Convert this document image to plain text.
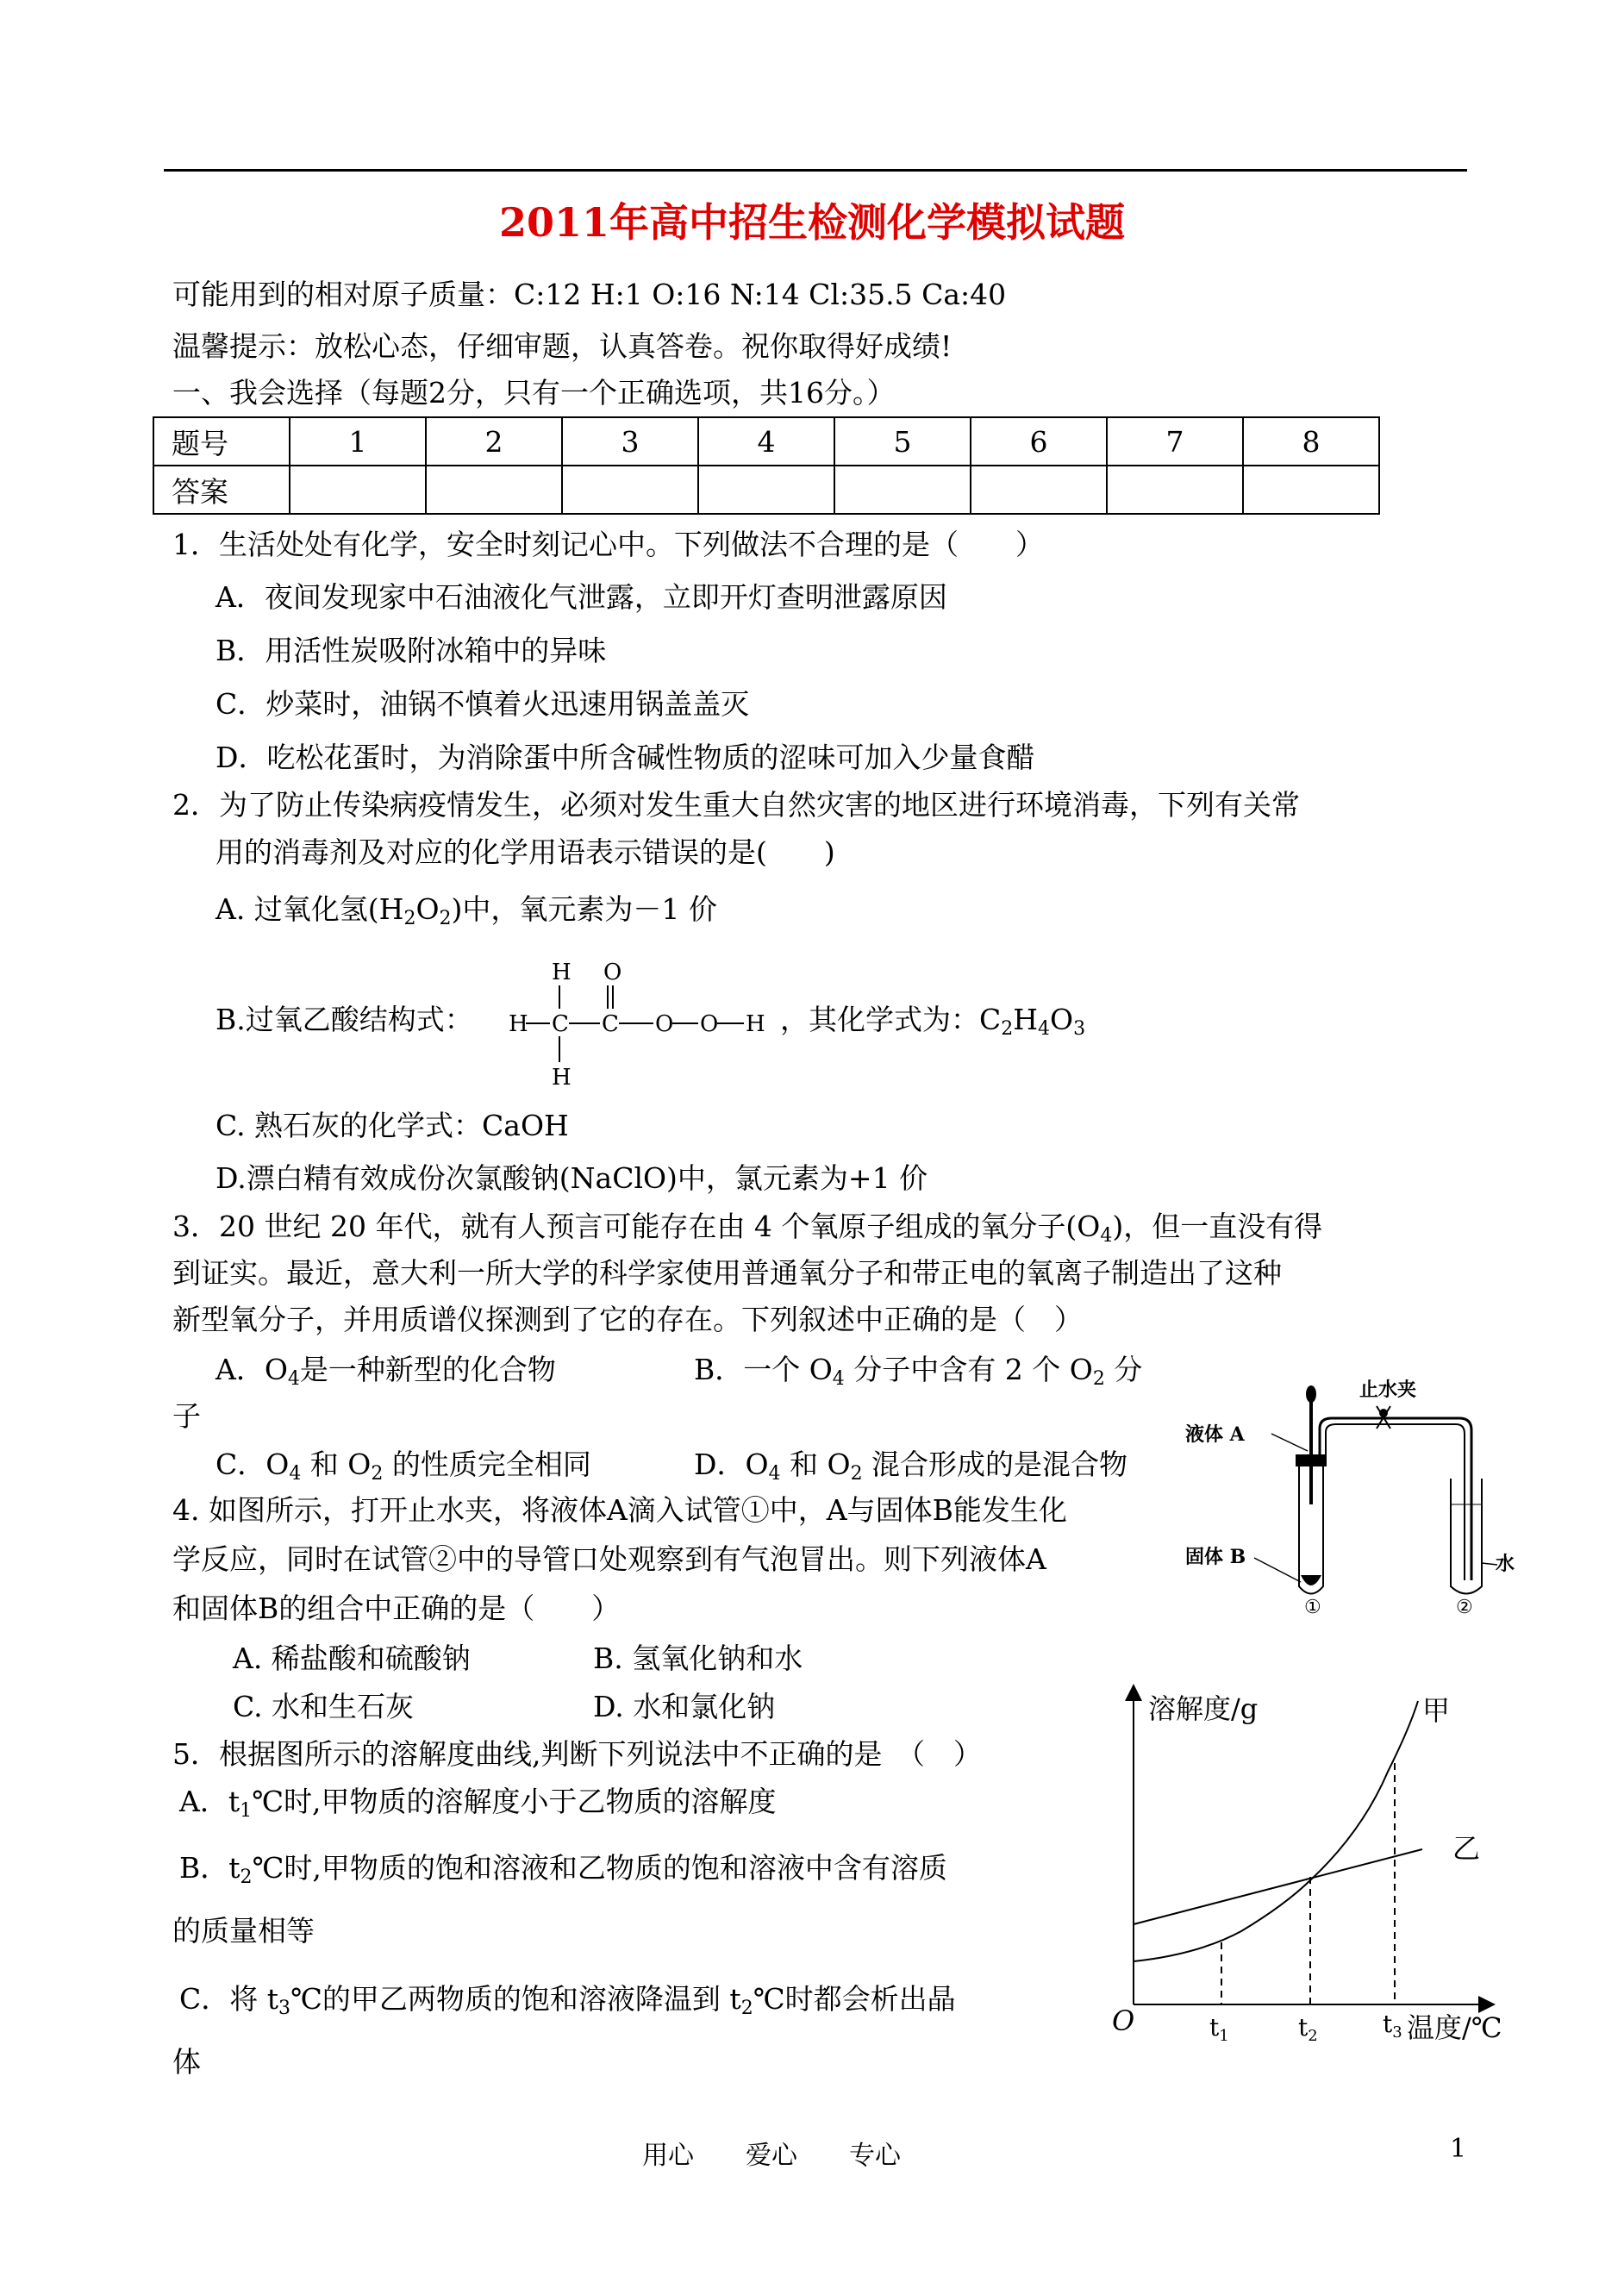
2011年高中招生检测化学模拟试题
可能用到的相对原子质量：C:12 H:1 O:16 N:14 Cl:35.5 Ca:40
温馨提示：放松心态，仔细审题，认真答卷。祝你取得好成绩!
一、我会选择（每题2分，只有一个正确选项，共16分。）
题号	1	2	3	4	5	6	7	8
答案								
1．生活处处有化学，安全时刻记心中。下列做法不合理的是（　　）
A．夜间发现家中石油液化气泄露，立即开灯查明泄露原因
B．用活性炭吸附冰箱中的异味
C．炒菜时，油锅不慎着火迅速用锅盖盖灭
D．吃松花蛋时，为消除蛋中所含碱性物质的涩味可加入少量食醋
2．为了防止传染病疫情发生，必须对发生重大自然灾害的地区进行环境消毒，下列有关常
用的消毒剂及对应的化学用语表示错误的是(　　)
A. 过氧化氢$(H_2O_2)$中，氧元素为－1 价
B.过氧乙酸结构式：
H O
H C C O O H
H
，其化学式为：$C_2H_4O_3$
C. 熟石灰的化学式：CaOH
D.漂白精有效成份次氯酸钠(NaClO)中，氯元素为+1 价
3．20 世纪 20 年代，就有人预言可能存在由 4 个氧原子组成的氧分子$(O_4)$，但一直没有得
到证实。最近，意大利一所大学的科学家使用普通氧分子和带正电的氧离子制造出了这种
新型氧分子，并用质谱仪探测到了它的存在。下列叙述中正确的是（　）
A．$O_4$是一种新型的化合物	B．一个 $O_4$ 分子中含有 2 个 $O_2$ 分
子
C．$O_4$ 和 $O_2$ 的性质完全相同	D．$O_4$ 和 $O_2$ 混合形成的是混合物
4. 如图所示，打开止水夹，将液体A滴入试管①中，A与固体B能发生化
学反应，同时在试管②中的导管口处观察到有气泡冒出。则下列液体A
和固体B的组合中正确的是（　　）
A. 稀盐酸和硫酸钠	B. 氢氧化钠和水
C. 水和生石灰	D. 水和氯化钠
止水夹
液体 A
固体 B	水
①	②
5．根据图所示的溶解度曲线,判断下列说法中不正确的是　（　）
A．$t_1℃$时,甲物质的溶解度小于乙物质的溶解度
B．$t_2℃$时,甲物质的饱和溶液和乙物质的饱和溶液中含有溶质
的质量相等
C．将 $t_3℃$的甲乙两物质的饱和溶液降温到 $t_2℃$时都会析出晶
体
溶解度/g
温度/℃
O	$t_1$	$t_2$	$t_3$
甲
乙
用心　　爱心　　专心	1
